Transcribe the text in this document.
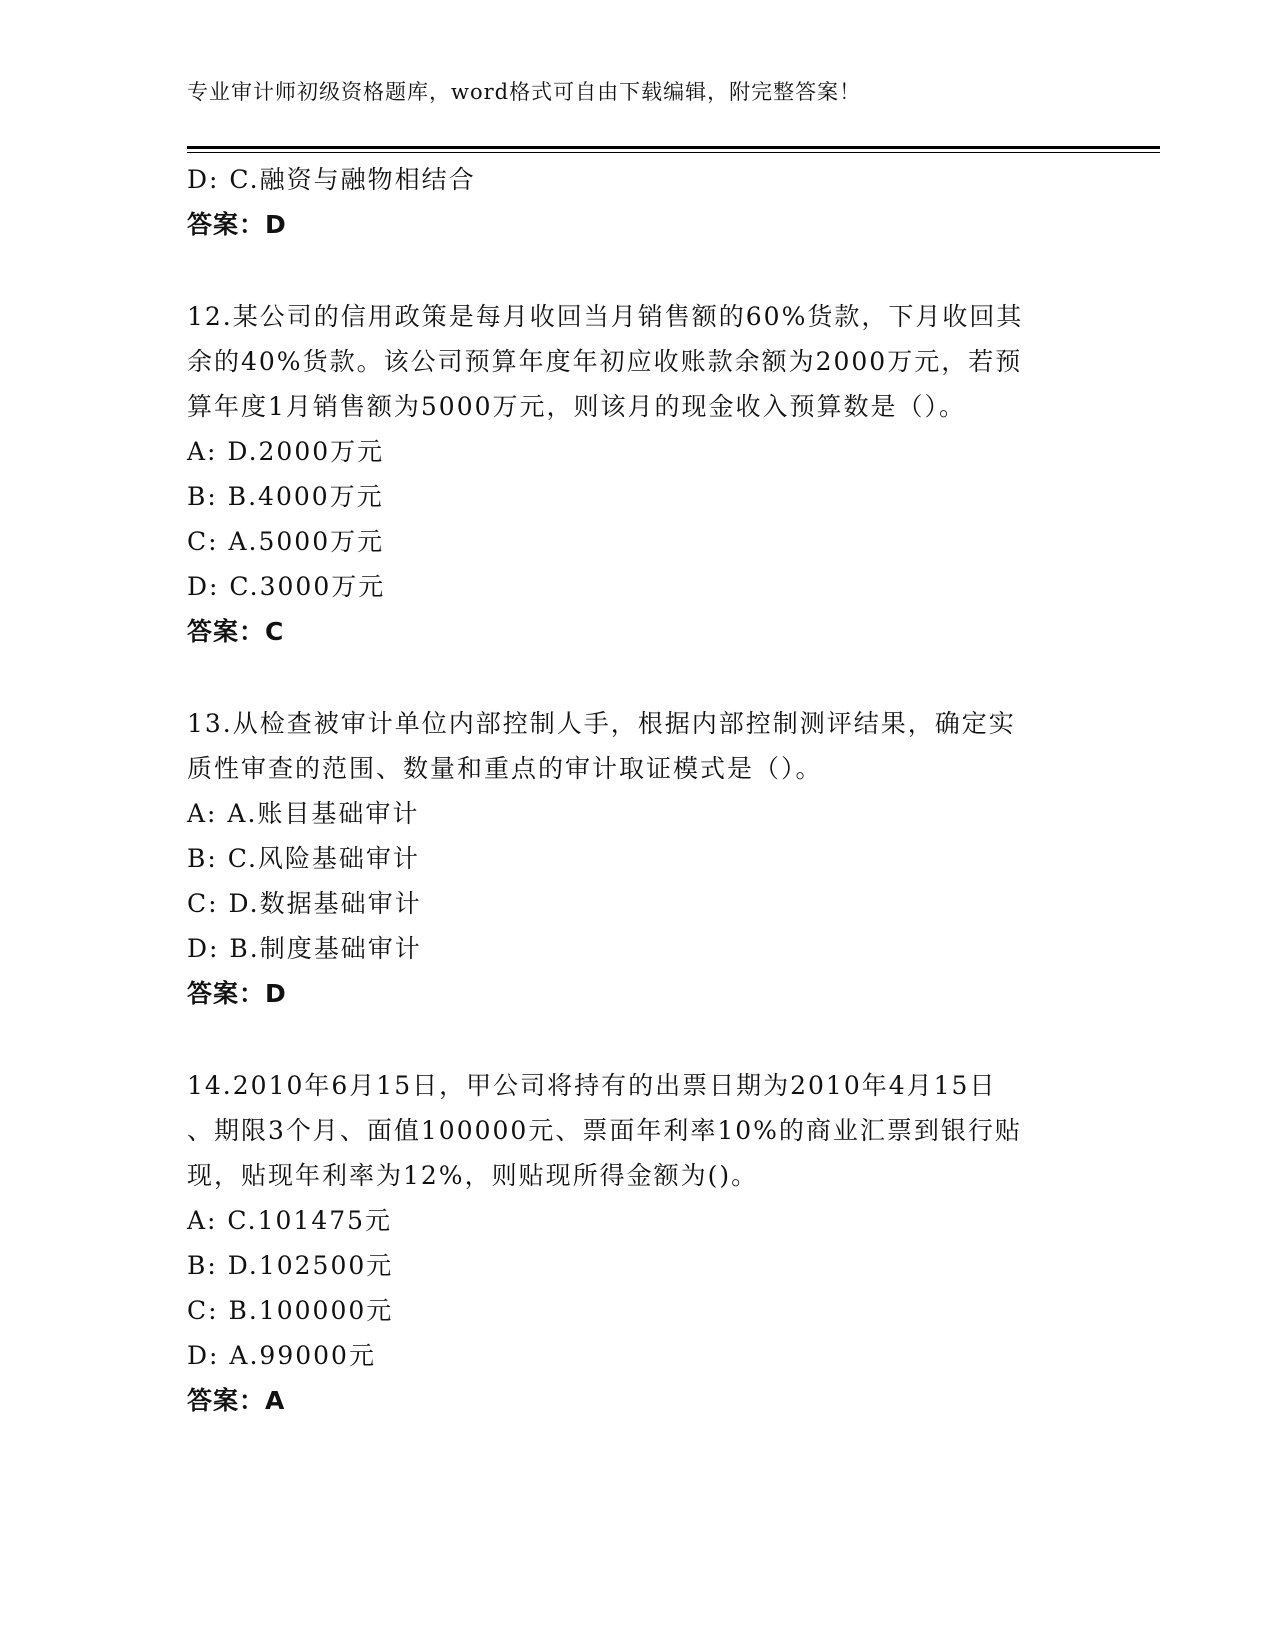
专业审计师初级资格题库，word格式可自由下载编辑，附完整答案！
D: C.融资与融物相结合
答案：D
12.某公司的信用政策是每月收回当月销售额的60%货款，下月收回其
余的40%货款。该公司预算年度年初应收账款余额为2000万元，若预
算年度1月销售额为5000万元，则该月的现金收入预算数是（）。
A: D.2000万元
B: B.4000万元
C: A.5000万元
D: C.3000万元
答案：C
13.从检查被审计单位内部控制人手，根据内部控制测评结果，确定实
质性审查的范围、数量和重点的审计取证模式是（）。
A: A.账目基础审计
B: C.风险基础审计
C: D.数据基础审计
D: B.制度基础审计
答案：D
14.2010年6月15日，甲公司将持有的出票日期为2010年4月15日
、期限3个月、面值100000元、票面年利率10%的商业汇票到银行贴
现，贴现年利率为12%，则贴现所得金额为()。
A: C.101475元
B: D.102500元
C: B.100000元
D: A.99000元
答案：A
